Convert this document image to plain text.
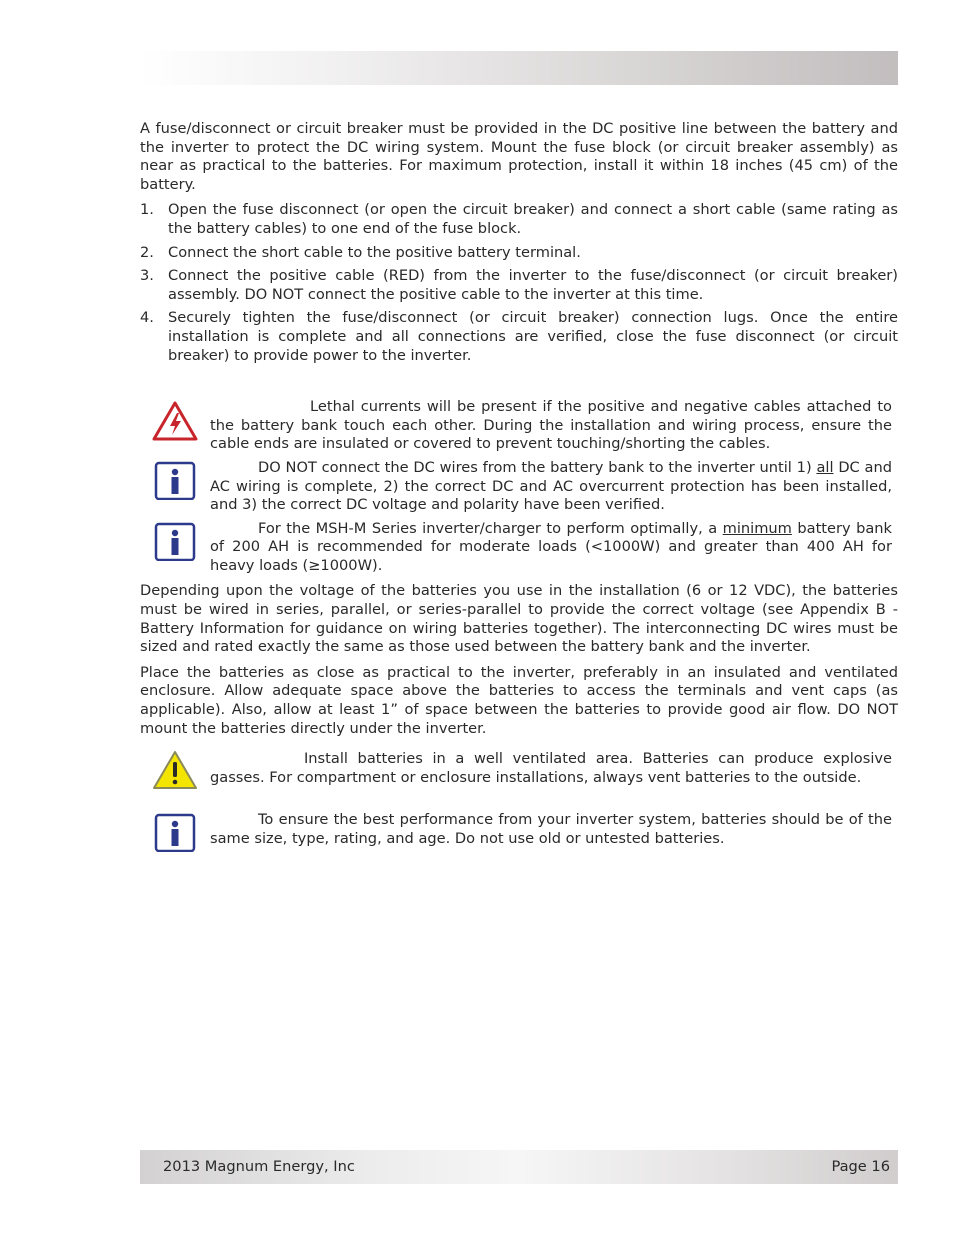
A fuse/disconnect or circuit breaker must be provided in the DC positive line between the battery and the inverter to protect the DC wiring system. Mount the fuse block (or circuit breaker assembly) as near as practical to the batteries. For maximum protection, install it within 18 inches (45 cm) of the battery.

1. Open the fuse disconnect (or open the circuit breaker) and connect a short cable (same rating as the battery cables) to one end of the fuse block.
2. Connect the short cable to the positive battery terminal.
3. Connect the positive cable (RED) from the inverter to the fuse/disconnect (or circuit breaker) assembly. DO NOT connect the positive cable to the inverter at this time.
4. Securely tighten the fuse/disconnect (or circuit breaker) connection lugs. Once the entire installation is complete and all connections are verified, close the fuse disconnect (or circuit breaker) to provide power to the inverter.
Lethal currents will be present if the positive and negative cables attached to the battery bank touch each other. During the installation and wiring process, ensure the cable ends are insulated or covered to prevent touching/shorting the cables.
DO NOT connect the DC wires from the battery bank to the inverter until 1) all DC and AC wiring is complete, 2) the correct DC and AC overcurrent protection has been installed, and 3) the correct DC voltage and polarity have been verified.
For the MSH-M Series inverter/charger to perform optimally, a minimum battery bank of 200 AH is recommended for moderate loads (<1000W) and greater than 400 AH for heavy loads (≥1000W).

Depending upon the voltage of the batteries you use in the installation (6 or 12 VDC), the batteries must be wired in series, parallel, or series-parallel to provide the correct voltage (see Appendix B - Battery Information for guidance on wiring batteries together). The interconnecting DC wires must be sized and rated exactly the same as those used between the battery bank and the inverter.

Place the batteries as close as practical to the inverter, preferably in an insulated and ventilated enclosure. Allow adequate space above the batteries to access the terminals and vent caps (as applicable). Also, allow at least 1” of space between the batteries to provide good air flow. DO NOT mount the batteries directly under the inverter.

Install batteries in a well ventilated area. Batteries can produce explosive gasses. For compartment or enclosure installations, always vent batteries to the outside.
To ensure the best performance from your inverter system, batteries should be of the same size, type, rating, and age. Do not use old or untested batteries.
2013 Magnum Energy, Inc	Page 16
